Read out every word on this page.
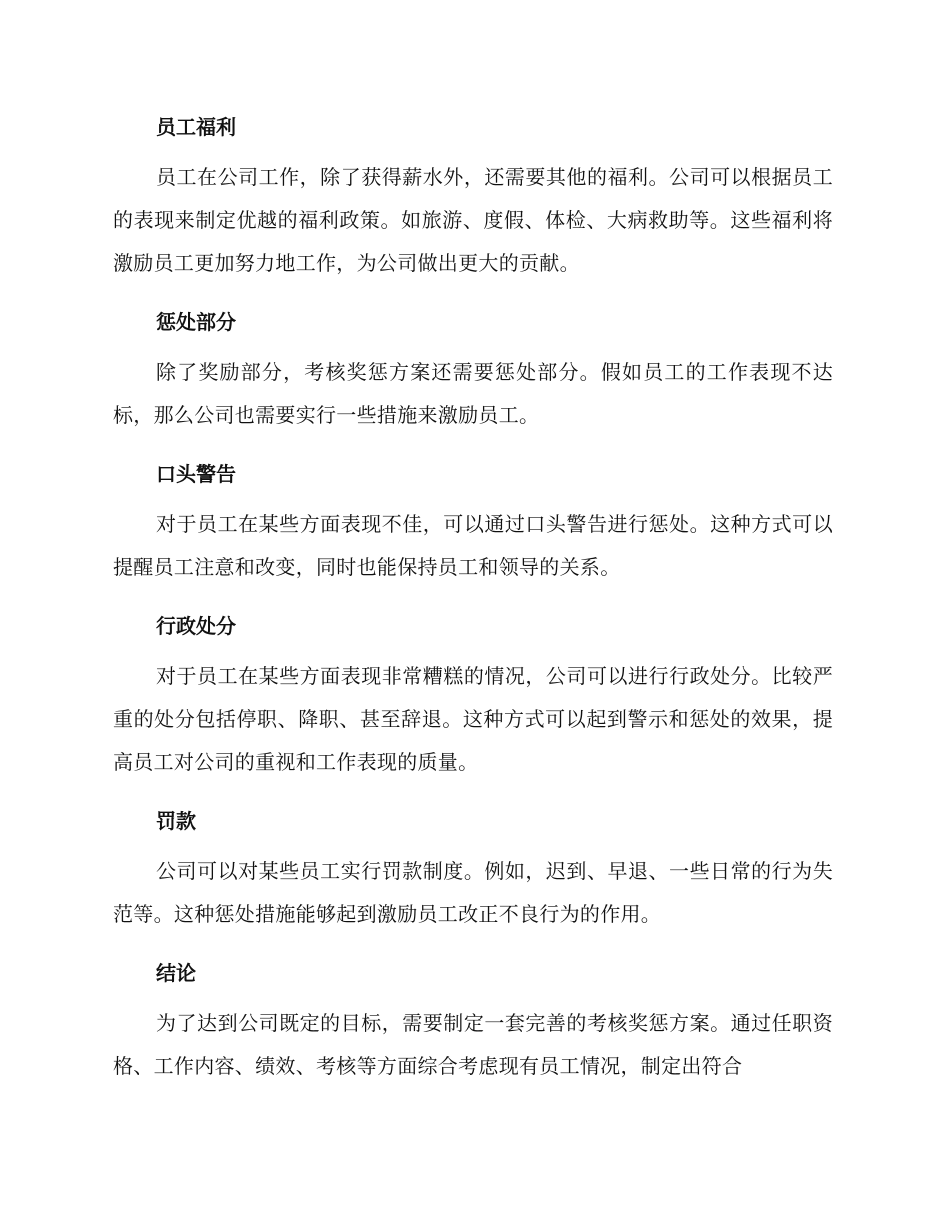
员工福利

员工在公司工作，除了获得薪水外，还需要其他的福利。公司可以根据员工的表现来制定优越的福利政策。如旅游、度假、体检、大病救助等。这些福利将激励员工更加努力地工作，为公司做出更大的贡献。

惩处部分

除了奖励部分，考核奖惩方案还需要惩处部分。假如员工的工作表现不达标，那么公司也需要实行一些措施来激励员工。

口头警告

对于员工在某些方面表现不佳，可以通过口头警告进行惩处。这种方式可以提醒员工注意和改变，同时也能保持员工和领导的关系。

行政处分

对于员工在某些方面表现非常糟糕的情况，公司可以进行行政处分。比较严重的处分包括停职、降职、甚至辞退。这种方式可以起到警示和惩处的效果，提高员工对公司的重视和工作表现的质量。

罚款

公司可以对某些员工实行罚款制度。例如，迟到、早退、一些日常的行为失范等。这种惩处措施能够起到激励员工改正不良行为的作用。

结论

为了达到公司既定的目标，需要制定一套完善的考核奖惩方案。通过任职资格、工作内容、绩效、考核等方面综合考虑现有员工情况，制定出符合
